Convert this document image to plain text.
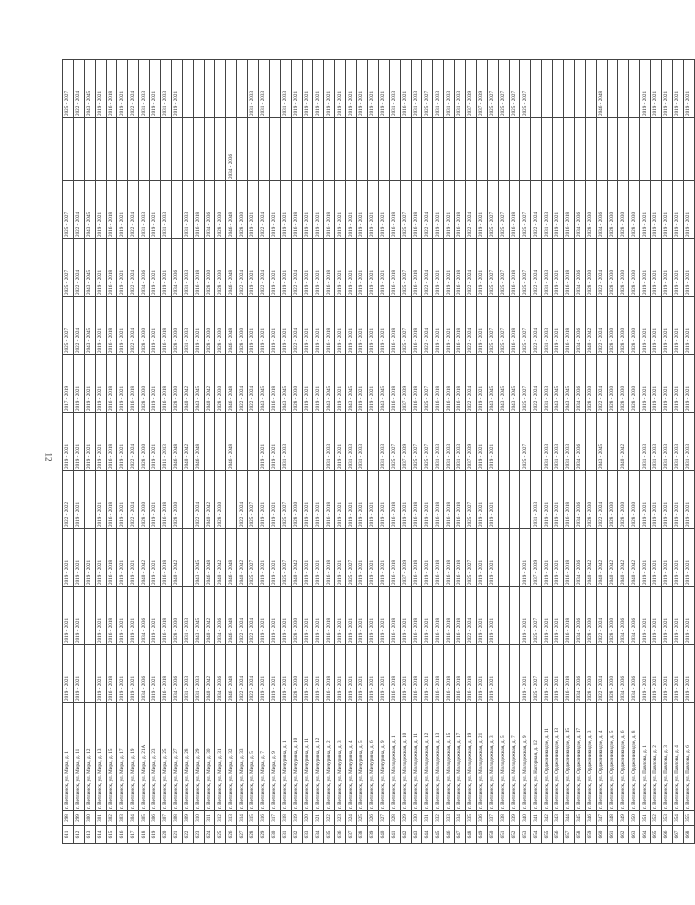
12
611	298	г. Ветлинск, ул. Мира, д. 1	2019 - 2021	2019 - 2021	2019 - 2021	2022 - 2022	2019 - 2021	2017 - 2019	2025 - 2027	2025 - 2027	2025 - 2027		2025 - 2027
612	299	г. Ветлинск, ул. Мира, д. 11	2019 - 2021	2019 - 2021	2019 - 2021	2019 - 2021	2019 - 2021	2019 - 2021	2022 - 2024	2022 - 2024	2022 - 2024		2022 - 2024
613	300	г. Ветлинск, ул. Мира, д. 12			2019 - 2021		2019 - 2021	2019 - 2021	2043 - 2045	2043 - 2045	2043 - 2045		2043 - 2045
614	301	г. Ветлинск, ул. Мира, д. 13	2019 - 2021	2019 - 2021	2019 - 2021	2019 - 2021	2019 - 2021	2019 - 2021	2019 - 2021	2019 - 2021	2019 - 2021		2019 - 2021
615	302	г. Ветлинск, ул. Мира, д. 15	2016 - 2018	2016 - 2018	2016 - 2018	2016 - 2018	2016 - 2018	2016 - 2018	2016 - 2018	2016 - 2018	2016 - 2018		2016 - 2018
616	303	г. Ветлинск, ул. Мира, д. 17	2019 - 2021	2019 - 2021	2019 - 2021	2019 - 2021	2019 - 2021	2019 - 2021	2019 - 2021	2019 - 2021	2019 - 2021		2019 - 2021
617	304	г. Ветлинск, ул. Мира, д. 19	2019 - 2021	2019 - 2021	2019 - 2021	2022 - 2024	2022 - 2024	2016 - 2018	2022 - 2024	2022 - 2024	2022 - 2024		2022 - 2024
618	305	г. Ветлинск, ул. Мира, д. 21А	2034 - 2036	2034 - 2036	2040 - 2042	2028 - 2030	2028 - 2030	2028 - 2030	2028 - 2030	2034 - 2036	2031 - 2033		2031 - 2033
619	306	г. Ветлинск, ул. Мира, д. 23	2019 - 2021	2019 - 2021	2019 - 2021	2019 - 2021	2019 - 2021	2019 - 2021	2019 - 2021	2019 - 2021	2019 - 2021		2019 - 2021
620	307	г. Ветлинск, ул. Мира, д. 25	2016 - 2018	2016 - 2018	2016 - 2018	2016 - 2018	2011 - 2013	2016 - 2018	2016 - 2018	2019 - 2021	2031 - 2033		2031 - 2033
621	308	г. Ветлинск, ул. Мира, д. 27	2034 - 2036	2028 - 2030	2040 - 2042	2028 - 2030	2046 - 2048	2028 - 2030	2028 - 2030	2034 - 2036			2019 - 2021
622	309	г. Ветлинск, ул. Мира, д. 28	2031 - 2033	2031 - 2033			2040 - 2042	2040 - 2042	2031 - 2033	2031 - 2033	2031 - 2033		
623	310	г. Ветлинск, ул. Мира, д. 29	2031 - 2033	2043 - 2045	2043 - 2045	2022 - 2024	2046 - 2048	2043 - 2045	2019 - 2021	2016 - 2018	2016 - 2018		
624	311	г. Ветлинск, ул. Мира, д. 30	2040 - 2042	2040 - 2042	2046 - 2048	2040 - 2042		2040 - 2042	2028 - 2030	2028 - 2030	2034 - 2036		
625	312	г. Ветлинск, ул. Мира, д. 31	2034 - 2036	2034 - 2036	2040 - 2042	2028 - 2030		2028 - 2030	2028 - 2030	2028 - 2030	2028 - 2030		
626	313	г. Ветлинск, ул. Мира, д. 32	2046 - 2048	2046 - 2048	2046 - 2048		2046 - 2048	2046 - 2048	2046 - 2048	2046 - 2048	2046 - 2048	2034 - 2036	
627	314	г. Ветлинск, ул. Мира, д. 33	2022 - 2024	2022 - 2024	2040 - 2042	2022 - 2024		2022 - 2024	2028 - 2030	2022 - 2024	2028 - 2030		
628	315	г. Ветлинск, ул. Мира, д. 5	2022 - 2024	2022 - 2024	2025 - 2027	2025 - 2027		2022 - 2024	2019 - 2021	2019 - 2021	2019 - 2021		2031 - 2033
629	316	г. Ветлинск, ул. Мира, д. 7	2019 - 2021	2019 - 2021	2019 - 2021	2019 - 2021	2019 - 2021	2043 - 2045	2019 - 2021	2022 - 2024	2022 - 2024		2031 - 2033
630	317	г. Ветлинск, ул. Мира, д. 9	2019 - 2021	2019 - 2021	2019 - 2021	2019 - 2021	2019 - 2021	2016 - 2018	2019 - 2021	2019 - 2021	2019 - 2021		
631	318	г. Ветлинск, ул. Мичурина, д. 1	2019 - 2021	2019 - 2021	2025 - 2027	2025 - 2027	2031 - 2033	2043 - 2045	2019 - 2021	2019 - 2021	2019 - 2021		2031 - 2033
632	319	г. Ветлинск, ул. Мичурина, д. 10	2028 - 2030	2028 - 2030	2040 - 2042	2028 - 2030		2028 - 2030	2022 - 2024	2022 - 2024	2016 - 2018		2019 - 2021
633	320	г. Ветлинск, ул. Мичурина, д. 11	2019 - 2021	2019 - 2021	2019 - 2021	2019 - 2021		2019 - 2021	2019 - 2021	2019 - 2021	2019 - 2021		2019 - 2021
634	321	г. Ветлинск, ул. Мичурина, д. 12	2019 - 2021	2019 - 2021	2019 - 2021	2019 - 2021		2019 - 2021	2019 - 2021	2019 - 2021	2019 - 2021		2019 - 2021
635	322	г. Ветлинск, ул. Мичурина, д. 2	2016 - 2018	2016 - 2018	2016 - 2018	2016 - 2018	2031 - 2033	2043 - 2045	2016 - 2018	2016 - 2018	2016 - 2018		2019 - 2021
636	323	г. Ветлинск, ул. Мичурина, д. 3	2019 - 2021	2019 - 2021	2019 - 2021	2019 - 2021	2019 - 2021	2019 - 2021	2019 - 2021	2019 - 2021	2019 - 2021		2019 - 2021
637	324	г. Ветлинск, ул. Мичурина, д. 4	2019 - 2021	2019 - 2021	2025 - 2027	2019 - 2021	2031 - 2033	2043 - 2045	2019 - 2021	2019 - 2021	2019 - 2021		2019 - 2021
638	325	г. Ветлинск, ул. Мичурина, д. 5	2019 - 2021	2019 - 2021	2019 - 2021	2019 - 2021	2031 - 2033	2019 - 2021	2019 - 2021	2019 - 2021	2019 - 2021		2019 - 2021
639	326	г. Ветлинск, ул. Мичурина, д. 6	2019 - 2021	2019 - 2021	2019 - 2021	2019 - 2021		2019 - 2021	2019 - 2021	2019 - 2021	2019 - 2021		2019 - 2021
640	327	г. Ветлинск, ул. Мичурина, д. 9	2019 - 2021	2019 - 2021	2019 - 2021	2019 - 2021	2031 - 2033	2043 - 2045	2019 - 2021	2019 - 2021	2019 - 2021		2019 - 2021
641	328	г. Ветлинск, ул. Молодежная, д. 1	2016 - 2018	2016 - 2018	2016 - 2018	2016 - 2018	2025 - 2027	2016 - 2018	2016 - 2018	2016 - 2018	2016 - 2018		2031 - 2033
642	329	г. Ветлинск, ул. Молодежная, д. 10	2019 - 2021	2019 - 2021	2037 - 2039	2019 - 2021	2037 - 2039	2037 - 2039	2025 - 2027	2025 - 2027	2025 - 2027		2016 - 2021
643	330	г. Ветлинск, ул. Молодежная, д. 11	2016 - 2018	2016 - 2018	2016 - 2018	2016 - 2018	2025 - 2027	2016 - 2018	2016 - 2018	2016 - 2018	2016 - 2018		2031 - 2033
644	331	г. Ветлинск, ул. Молодежная, д. 12	2019 - 2021	2019 - 2021	2019 - 2021	2019 - 2021	2025 - 2027	2025 - 2027	2022 - 2024	2022 - 2024	2022 - 2024		2025 - 2027
645	332	г. Ветлинск, ул. Молодежная, д. 13	2016 - 2018	2016 - 2018	2016 - 2018	2016 - 2018	2031 - 2033	2016 - 2018	2019 - 2021	2019 - 2021	2019 - 2021		2031 - 2033
646	333	г. Ветлинск, ул. Молодежная, д. 15	2016 - 2018	2016 - 2018	2016 - 2018	2016 - 2018	2031 - 2033	2016 - 2018	2019 - 2021	2019 - 2021	2019 - 2021		2031 - 2033
647	334	г. Ветлинск, ул. Молодежная, д. 17	2016 - 2018	2016 - 2018	2016 - 2018	2016 - 2018	2031 - 2033	2016 - 2018	2016 - 2018	2016 - 2018	2016 - 2018		2031 - 2033
648	335	г. Ветлинск, ул. Молодежная, д. 19	2016 - 2018	2022 - 2024	2025 - 2027	2025 - 2027	2037 - 2039	2022 - 2024	2022 - 2024	2022 - 2024	2022 - 2024		2037 - 2039
649	336	г. Ветлинск, ул. Молодежная, д. 21	2019 - 2021	2019 - 2021	2019 - 2021	2019 - 2021	2019 - 2021	2019 - 2021	2019 - 2021	2019 - 2021	2019 - 2021		2037 - 2039
650	337	г. Ветлинск, ул. Молодежная, д. 3	2019 - 2021	2019 - 2021	2019 - 2021	2019 - 2021	2019 - 2021	2043 - 2045	2025 - 2027	2025 - 2027	2025 - 2027		2025 - 2027
651	338	г. Ветлинск, ул. Молодежная, д. 5						2043 - 2045	2025 - 2027	2025 - 2027	2025 - 2027		2025 - 2027
652	339	г. Ветлинск, ул. Молодежная, д. 7						2043 - 2045	2016 - 2018	2016 - 2018	2016 - 2018		2025 - 2027
653	340	г. Ветлинск, ул. Молодежная, д. 9	2019 - 2021	2019 - 2021	2019 - 2021		2025 - 2027	2025 - 2027	2025 - 2027	2025 - 2027	2025 - 2027		2025 - 2027
654	341	г. Ветлинск, ул. Нагорная, д. 12	2025 - 2027	2025 - 2027	2037 - 2039	2031 - 2033		2022 - 2024	2022 - 2024	2022 - 2024	2022 - 2024		
655	342	г. Ветлинск, ул. Орджоникидзе, д. 11	2019 - 2021	2019 - 2021	2019 - 2021	2019 - 2021	2031 - 2033	2031 - 2033	2031 - 2033	2031 - 2033	2031 - 2033		
656	343	г. Ветлинск, ул. Орджоникидзе, д. 13	2019 - 2021	2019 - 2021	2019 - 2021	2019 - 2021	2031 - 2033	2043 - 2045	2019 - 2021	2019 - 2021	2019 - 2021		
657	344	г. Ветлинск, ул. Орджоникидзе, д. 15	2016 - 2018	2016 - 2018	2016 - 2018	2016 - 2018	2031 - 2033	2043 - 2045	2016 - 2018	2016 - 2018	2016 - 2018		
658	345	г. Ветлинск, ул. Орджоникидзе, д. 17	2034 - 2036	2034 - 2036	2034 - 2036	2034 - 2036	2034 - 2036	2034 - 2036	2034 - 2036	2034 - 2036	2034 - 2036		
659	346	г. Ветлинск, ул. Орджоникидзе, д. 3	2028 - 2030	2028 - 2030	2040 - 2042	2028 - 2030		2028 - 2030	2040 - 2042	2028 - 2030	2028 - 2030		
660	347	г. Ветлинск, ул. Орджоникидзе, д. 4	2022 - 2024	2022 - 2024	2040 - 2042	2022 - 2024	2043 - 2045	2022 - 2024	2022 - 2024	2022 - 2024	2034 - 2036		2046 - 2048
661	348	г. Ветлинск, ул. Орджоникидзе, д. 5	2028 - 2030	2028 - 2030	2040 - 2042	2028 - 2030		2028 - 2030	2028 - 2030	2028 - 2030	2028 - 2030		
662	349	г. Ветлинск, ул. Орджоникидзе, д. 6	2034 - 2036	2034 - 2036	2040 - 2042	2028 - 2030	2040 - 2042	2028 - 2030	2028 - 2030	2028 - 2030	2028 - 2030		
663	350	г. Ветлинск, ул. Орджоникидзе, д. 8	2034 - 2036	2034 - 2036	2040 - 2042	2028 - 2030		2028 - 2030	2028 - 2030	2028 - 2030	2028 - 2030		
664	351	г. Ветлинск, ул. Павлова, д. 1	2019 - 2021	2019 - 2021	2019 - 2021	2019 - 2021	2031 - 2033	2019 - 2021	2019 - 2021	2019 - 2021	2019 - 2021		2019 - 2021
665	352	г. Ветлинск, ул. Павлова, д. 2	2019 - 2021	2019 - 2021	2019 - 2021	2019 - 2021	2031 - 2033	2019 - 2021	2019 - 2021	2019 - 2021	2019 - 2021		2019 - 2021
666	353	г. Ветлинск, ул. Павлова, д. 3	2019 - 2021	2019 - 2021	2019 - 2021	2019 - 2021	2031 - 2033	2019 - 2021	2019 - 2021	2019 - 2021	2019 - 2021		2019 - 2021
667	354	г. Ветлинск, ул. Павлова, д. 4	2019 - 2021	2019 - 2021	2019 - 2021	2019 - 2021	2031 - 2033	2019 - 2021	2019 - 2021	2019 - 2021	2019 - 2021		2019 - 2021
668	355	г. Ветлинск, ул. Павлова, д. 6	2019 - 2021	2019 - 2021	2019 - 2021	2019 - 2021	2031 - 2033	2019 - 2021	2019 - 2021	2019 - 2021	2019 - 2021		2019 - 2021
